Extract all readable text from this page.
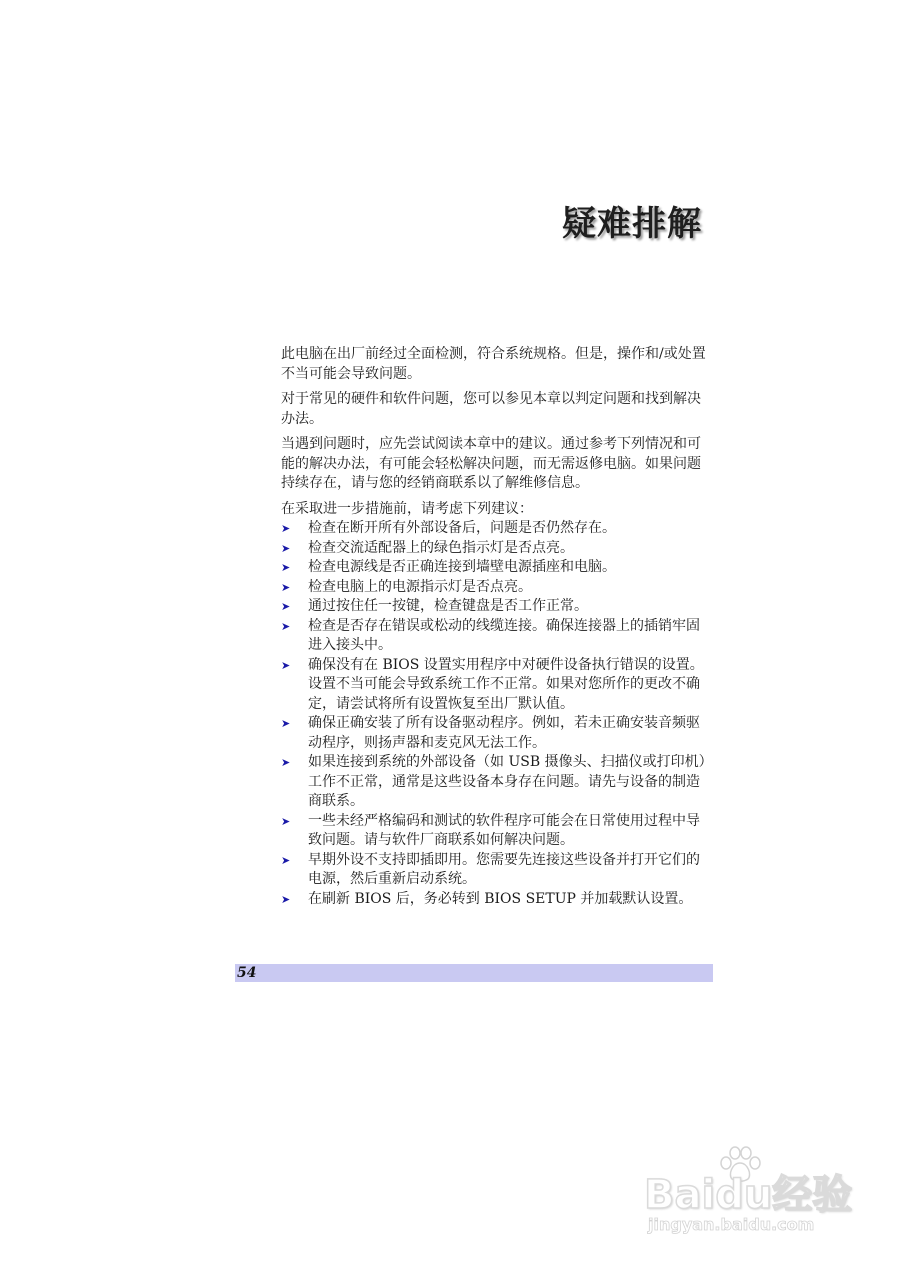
疑难排解

此电脑在出厂前经过全面检测，符合系统规格。但是，操作和/或处置不当可能会导致问题。

对于常见的硬件和软件问题，您可以参见本章以判定问题和找到解决办法。

当遇到问题时，应先尝试阅读本章中的建议。通过参考下列情况和可能的解决办法，有可能会轻松解决问题，而无需返修电脑。如果问题持续存在，请与您的经销商联系以了解维修信息。

在采取进一步措施前，请考虑下列建议：

➤	检查在断开所有外部设备后，问题是否仍然存在。
➤	检查交流适配器上的绿色指示灯是否点亮。
➤	检查电源线是否正确连接到墙壁电源插座和电脑。
➤	检查电脑上的电源指示灯是否点亮。
➤	通过按住任一按键，检查键盘是否工作正常。
➤	检查是否存在错误或松动的线缆连接。确保连接器上的插销牢固进入接头中。
➤	确保没有在 BIOS 设置实用程序中对硬件设备执行错误的设置。设置不当可能会导致系统工作不正常。如果对您所作的更改不确定，请尝试将所有设置恢复至出厂默认值。
➤	确保正确安装了所有设备驱动程序。例如，若未正确安装音频驱动程序，则扬声器和麦克风无法工作。
➤	如果连接到系统的外部设备（如 USB 摄像头、扫描仪或打印机）工作不正常，通常是这些设备本身存在问题。请先与设备的制造商联系。
➤	一些未经严格编码和测试的软件程序可能会在日常使用过程中导致问题。请与软件厂商联系如何解决问题。
➤	早期外设不支持即插即用。您需要先连接这些设备并打开它们的电源，然后重新启动系统。
➤	在刷新 BIOS 后，务必转到 BIOS SETUP 并加载默认设置。
54
Baidu经验
jingyan.baidu.com
